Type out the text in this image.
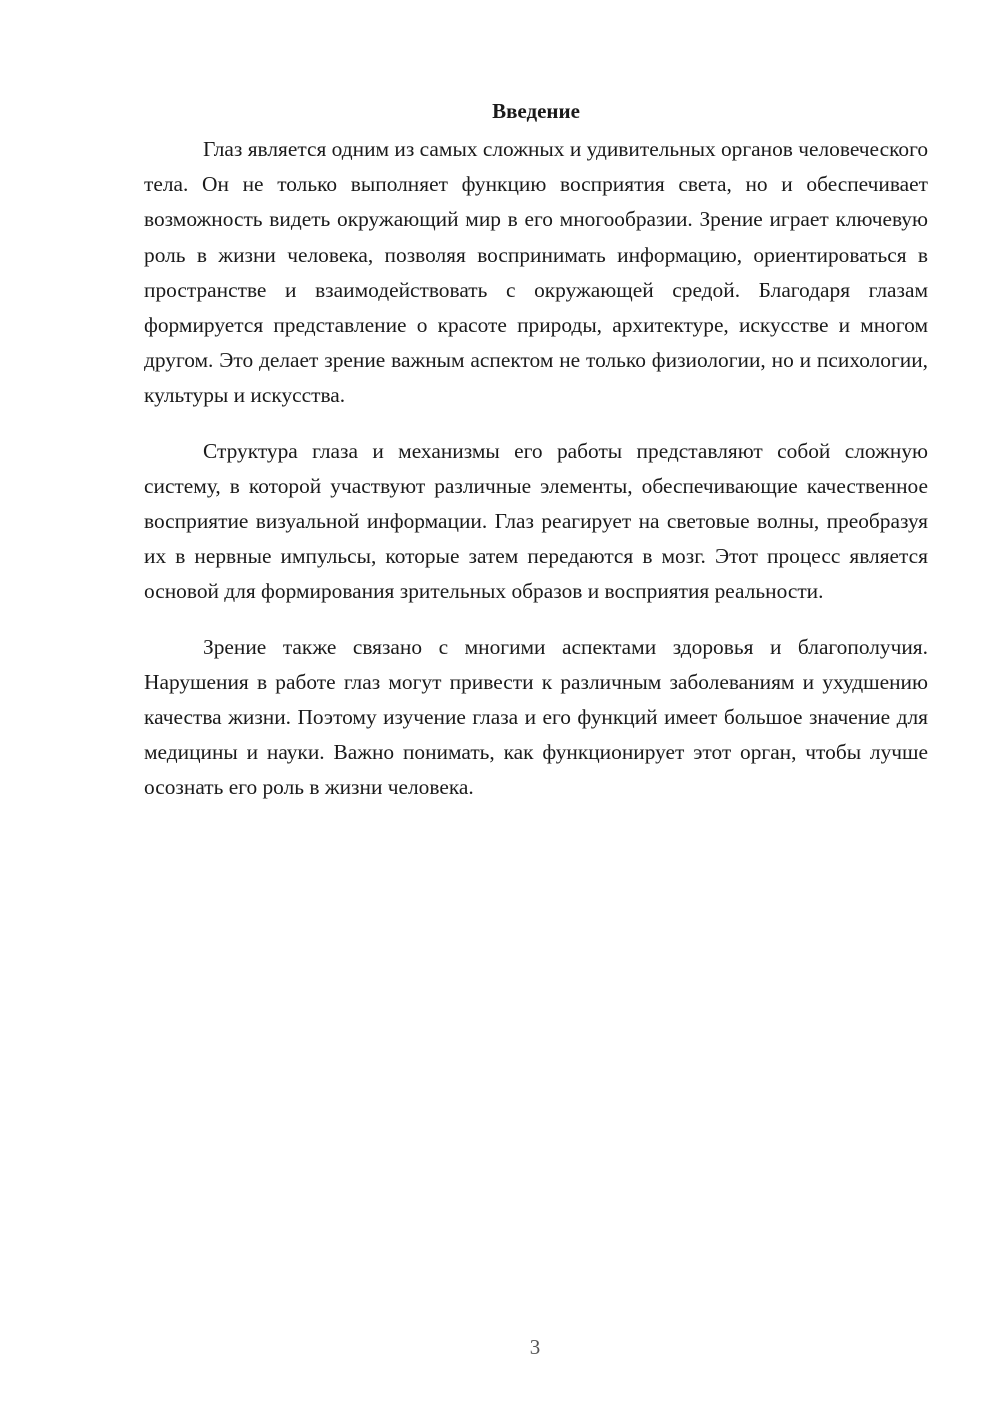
Введение

Глаз является одним из самых сложных и удивительных органов человеческого тела. Он не только выполняет функцию восприятия света, но и обеспечивает возможность видеть окружающий мир в его многообразии. Зрение играет ключевую роль в жизни человека, позволяя воспринимать информацию, ориентироваться в пространстве и взаимодействовать с окружающей средой. Благодаря глазам формируется представление о красоте природы, архитектуре, искусстве и многом другом. Это делает зрение важным аспектом не только физиологии, но и психологии, культуры и искусства.

Структура глаза и механизмы его работы представляют собой сложную систему, в которой участвуют различные элементы, обеспечивающие качественное восприятие визуальной информации. Глаз реагирует на световые волны, преобразуя их в нервные импульсы, которые затем передаются в мозг. Этот процесс является основой для формирования зрительных образов и восприятия реальности.

Зрение также связано с многими аспектами здоровья и благополучия. Нарушения в работе глаз могут привести к различным заболеваниям и ухудшению качества жизни. Поэтому изучение глаза и его функций имеет большое значение для медицины и науки. Важно понимать, как функционирует этот орган, чтобы лучше осознать его роль в жизни человека.

3
